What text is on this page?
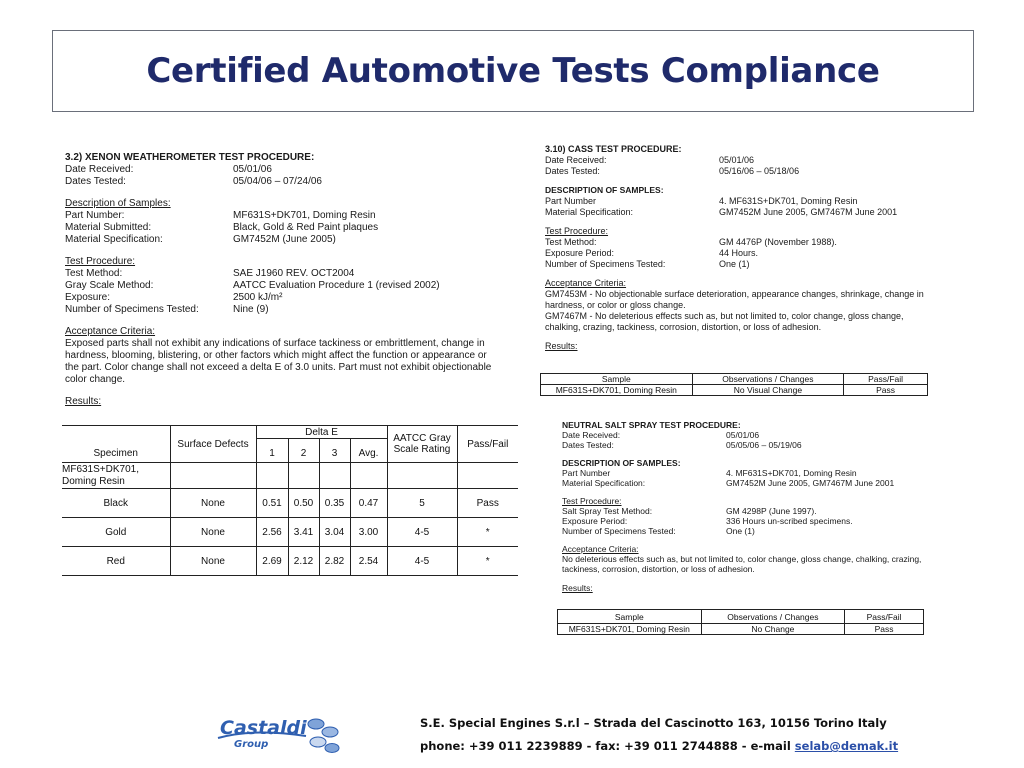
Certified Automotive Tests Compliance
3.2) XENON WEATHEROMETER TEST PROCEDURE:
Date Received:	05/01/06
Dates Tested:	05/04/06 – 07/24/06
Description of Samples:
Part Number:	MF631S+DK701, Doming Resin
Material Submitted:	Black, Gold & Red Paint plaques
Material Specification:	GM7452M (June 2005)
Test Procedure:
Test Method:	SAE J1960 REV. OCT2004
Gray Scale Method:	AATCC Evaluation Procedure 1 (revised 2002)
Exposure:	2500 kJ/m²
Number of Specimens Tested:	Nine (9)
Acceptance Criteria:
Exposed parts shall not exhibit any indications of surface tackiness or embrittlement, change in hardness, blooming, blistering, or other factors which might affect the function or appearance or the part. Color change shall not exceed a delta E of 3.0 units. Part must not exhibit objectionable color change.
Results:
Specimen	Surface Defects	Delta E				AATCC Gray Scale Rating	Pass/Fail
		1	2	3	Avg.		
MF631S+DK701, Doming Resin							
Black	None	0.51	0.50	0.35	0.47	5	Pass
Gold	None	2.56	3.41	3.04	3.00	4-5	*
Red	None	2.69	2.12	2.82	2.54	4-5	*
3.10) CASS TEST PROCEDURE:
Date Received:	05/01/06
Dates Tested:	05/16/06 – 05/18/06
DESCRIPTION OF SAMPLES:
Part Number	4. MF631S+DK701, Doming Resin
Material Specification:	GM7452M June 2005, GM7467M June 2001
Test Procedure:
Test Method:	GM 4476P (November 1988).
Exposure Period:	44 Hours.
Number of Specimens Tested:	One (1)
Acceptance Criteria:
GM7453M - No objectionable surface deterioration, appearance changes, shrinkage, change in hardness, or color or gloss change.
GM7467M - No deleterious effects such as, but not limited to, color change, gloss change, chalking, crazing, tackiness, corrosion, distortion, or loss of adhesion.
Results:
Sample	Observations / Changes	Pass/Fail
MF631S+DK701, Doming Resin	No Visual Change	Pass
NEUTRAL SALT SPRAY TEST PROCEDURE:
Date Received:	05/01/06
Dates Tested:	05/05/06 – 05/19/06
DESCRIPTION OF SAMPLES:
Part Number	4. MF631S+DK701, Doming Resin
Material Specification:	GM7452M June 2005, GM7467M June 2001
Test Procedure:
Salt Spray Test Method:	GM 4298P (June 1997).
Exposure Period:	336 Hours un-scribed specimens.
Number of Specimens Tested:	One (1)
Acceptance Criteria:
No deleterious effects such as, but not limited to, color change, gloss change, chalking, crazing, tackiness, corrosion, distortion, or loss of adhesion.
Results:
Sample	Observations / Changes	Pass/Fail
MF631S+DK701, Doming Resin	No Change	Pass
Castaldi
Group
S.E. Special Engines S.r.l – Strada del Cascinotto 163, 10156 Torino Italy
phone: +39 011 2239889 - fax: +39 011 2744888 - e-mail selab@demak.it
